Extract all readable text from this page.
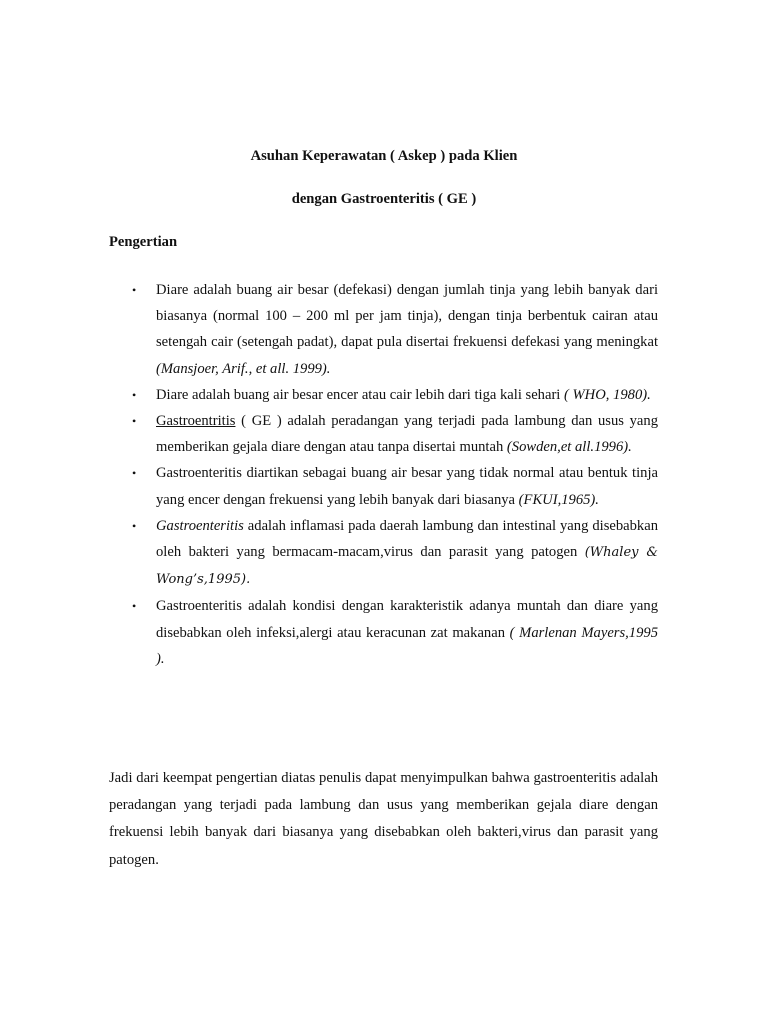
Asuhan Keperawatan ( Askep ) pada Klien

dengan Gastroenteritis ( GE )

Pengertian

• Diare adalah buang air besar (defekasi) dengan jumlah tinja yang lebih banyak dari biasanya (normal 100 – 200 ml per jam tinja), dengan tinja berbentuk cairan atau setengah cair (setengah padat), dapat pula disertai frekuensi defekasi yang meningkat (Mansjoer, Arif., et all. 1999).
• Diare adalah buang air besar encer atau cair lebih dari tiga kali sehari ( WHO, 1980).
• Gastroentritis ( GE ) adalah peradangan yang terjadi pada lambung dan usus yang memberikan gejala diare dengan atau tanpa disertai muntah (Sowden,et all.1996).
• Gastroenteritis diartikan sebagai buang air besar yang tidak normal atau bentuk tinja yang encer dengan frekuensi yang lebih banyak dari biasanya (FKUI,1965).
• Gastroenteritis adalah inflamasi pada daerah lambung dan intestinal yang disebabkan oleh bakteri yang bermacam-macam,virus dan parasit yang patogen (Whaley & Wong’s,1995).
• Gastroenteritis adalah kondisi dengan karakteristik adanya muntah dan diare yang disebabkan oleh infeksi,alergi atau keracunan zat makanan ( Marlenan Mayers,1995 ).

Jadi dari keempat pengertian diatas penulis dapat menyimpulkan bahwa gastroenteritis adalah peradangan yang terjadi pada lambung dan usus yang memberikan gejala diare dengan frekuensi lebih banyak dari biasanya yang disebabkan oleh bakteri,virus dan parasit yang patogen.
